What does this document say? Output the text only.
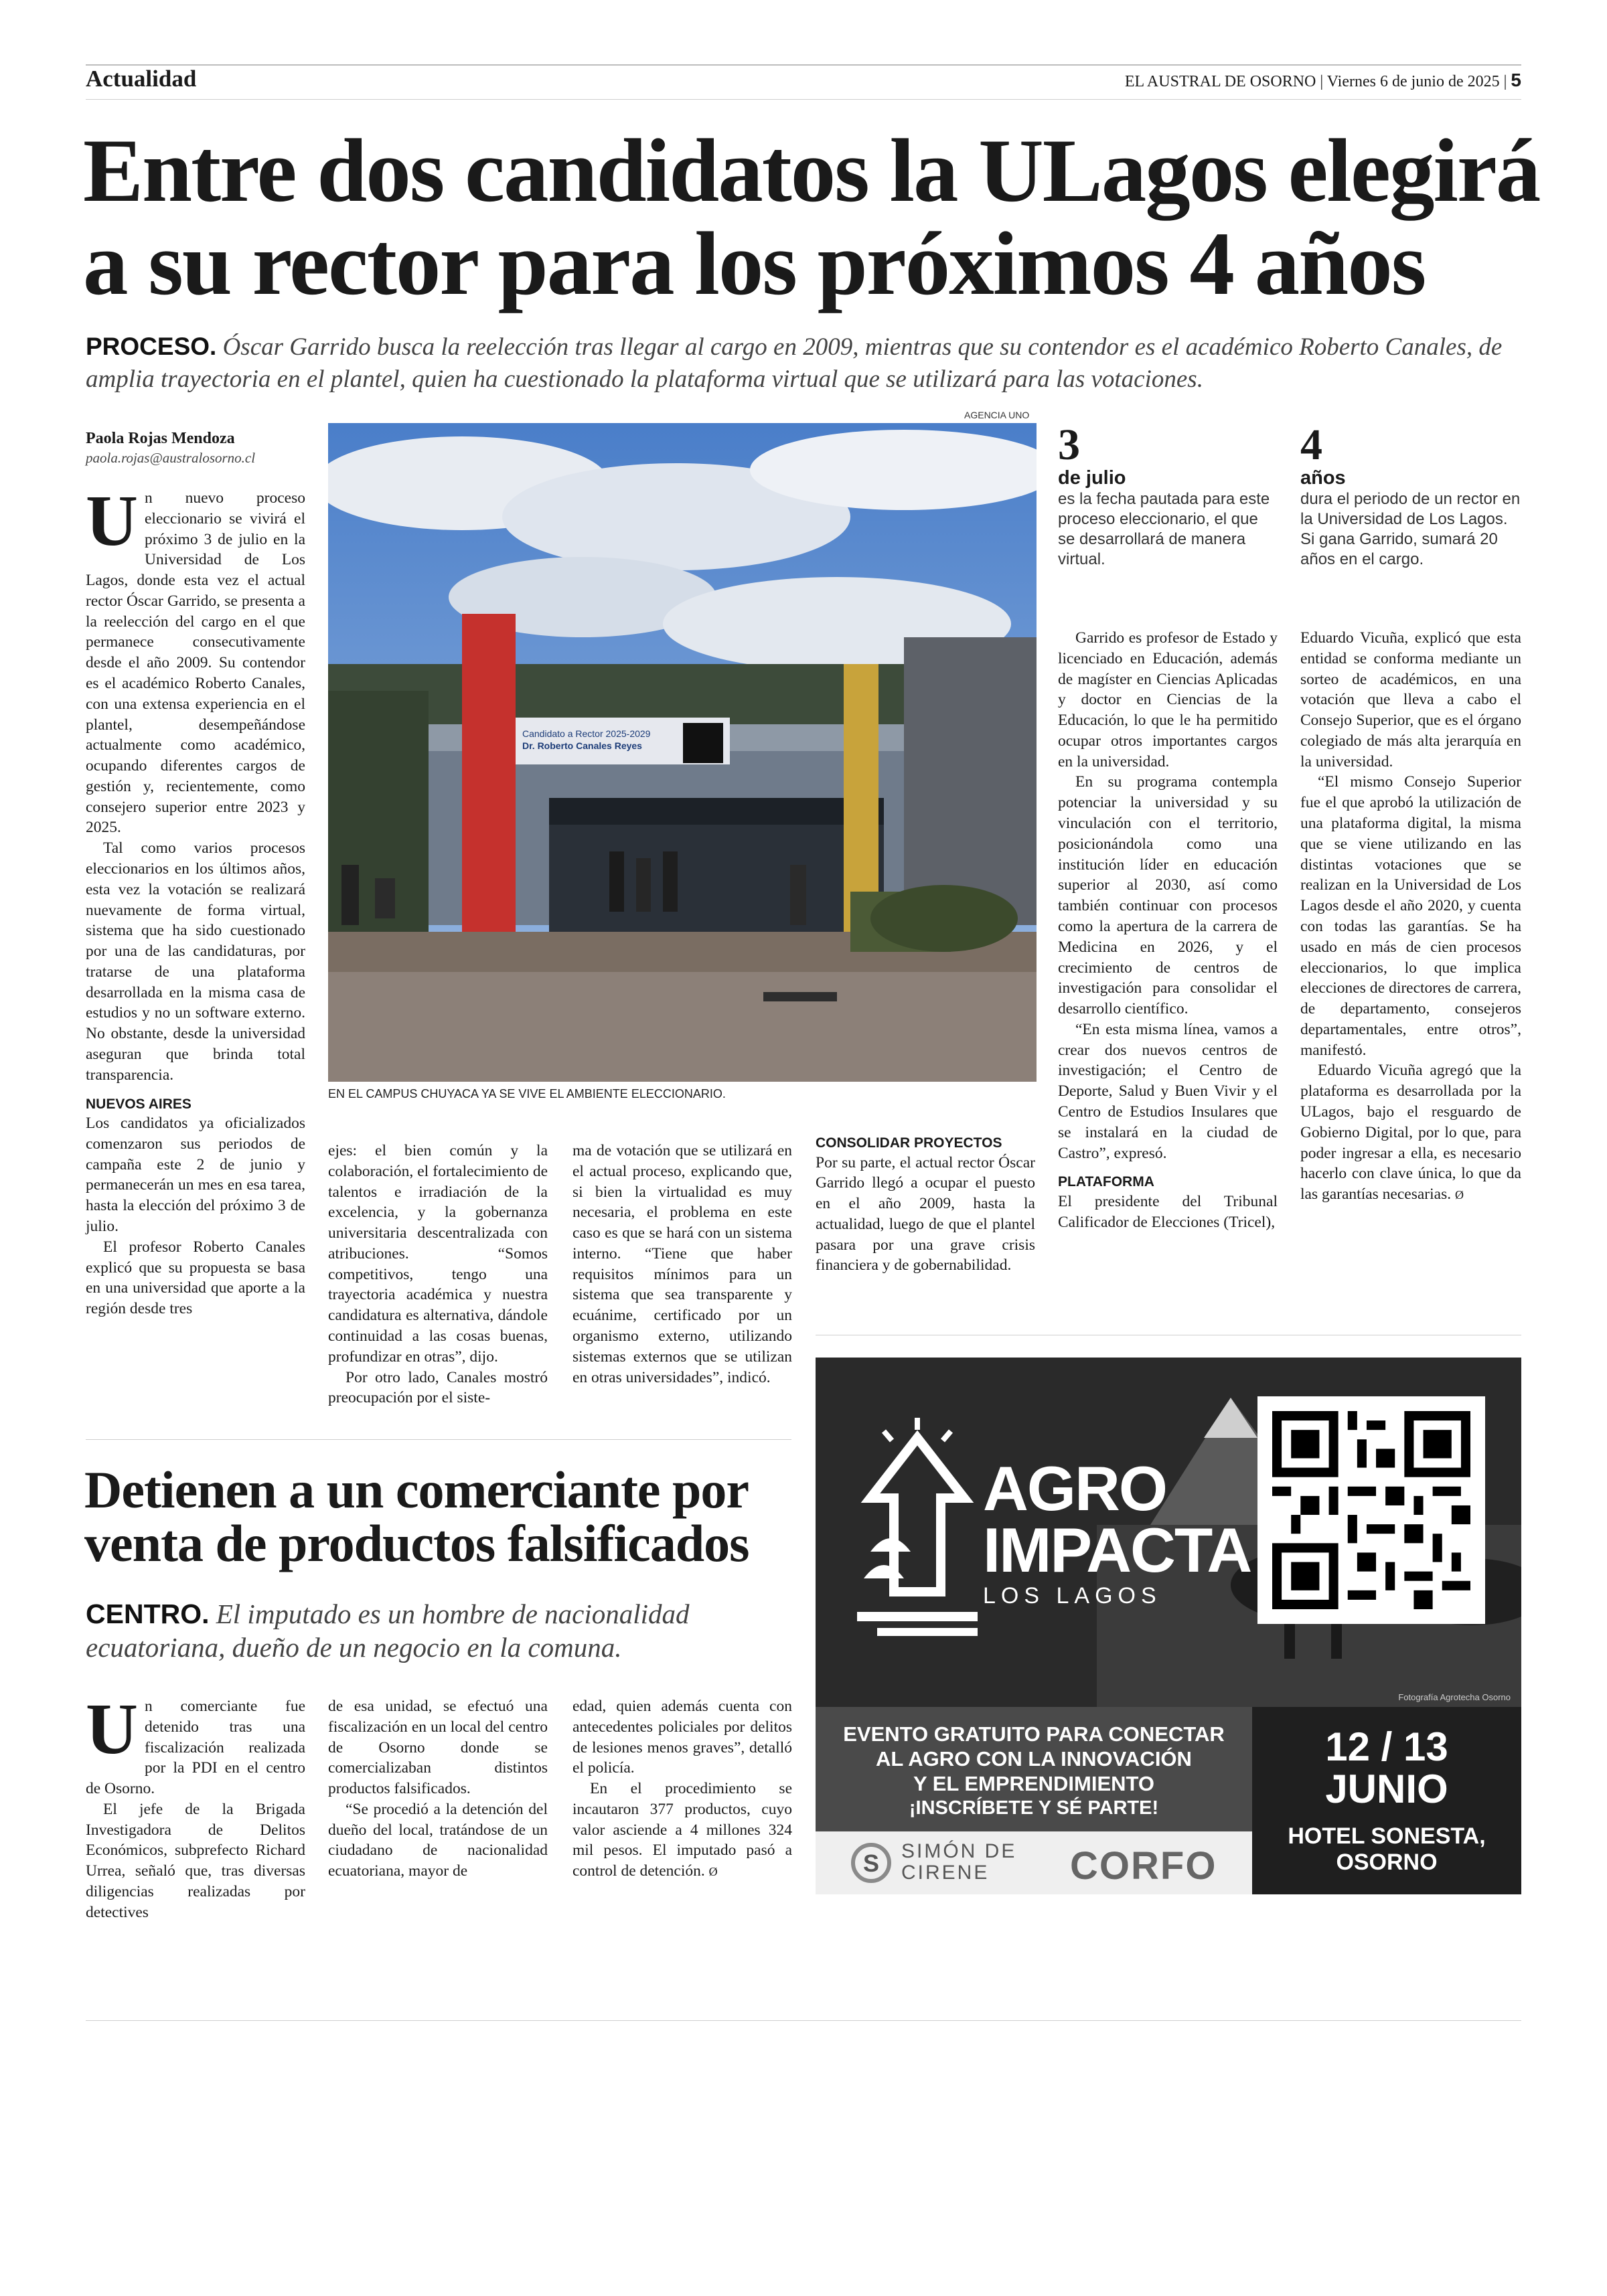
Actualidad	EL AUSTRAL DE OSORNO | Viernes 6 de junio de 2025 | 5
Entre dos candidatos la ULagos elegirá
a su rector para los próximos 4 años
PROCESO. Óscar Garrido busca la reelección tras llegar al cargo en 2009, mientras que su contendor es el académico Roberto Canales, de amplia trayectoria en el plantel, quien ha cuestionado la plataforma virtual que se utilizará para las votaciones.
Paola Rojas Mendoza
paola.rojas@australosorno.cl

Un nuevo proceso eleccionario se vivirá el próximo 3 de julio en la Universidad de Los Lagos, donde esta vez el actual rector Óscar Garrido, se presenta a la reelección del cargo en el que permanece consecutivamente desde el año 2009. Su contendor es el académico Roberto Canales, con una extensa experiencia en el plantel, desempeñándose actualmente como académico, ocupando diferentes cargos de gestión y, recientemente, como consejero superior entre 2023 y 2025.

Tal como varios procesos eleccionarios en los últimos años, esta vez la votación se realizará nuevamente de forma virtual, sistema que ha sido cuestionado por una de las candidaturas, por tratarse de una plataforma desarrollada en la misma casa de estudios y no un software externo. No obstante, desde la universidad aseguran que brinda total transparencia.

NUEVOS AIRES

Los candidatos ya oficializados comenzaron sus periodos de campaña este 2 de junio y permanecerán un mes en esa tarea, hasta la elección del próximo 3 de julio.

El profesor Roberto Canales explicó que su propuesta se basa en una universidad que aporte a la región desde tres

AGENCIA UNO
Candidato a Rector 2025-2029
Dr. Roberto Canales Reyes
EN EL CAMPUS CHUYACA YA SE VIVE EL AMBIENTE ELECCIONARIO.
3
de julio
es la fecha pautada para este proceso eleccionario, el que se desarrollará de manera virtual.
4
años
dura el periodo de un rector en la Universidad de Los Lagos. Si gana Garrido, sumará 20 años en el cargo.

ejes: el bien común y la colaboración, el fortalecimiento de talentos e irradiación de la excelencia, y la gobernanza universitaria descentralizada con atribuciones. “Somos competitivos, tengo una trayectoria académica y nuestra candidatura es alternativa, dándole continuidad a las cosas buenas, profundizar en otras”, dijo.

Por otro lado, Canales mostró preocupación por el siste-

ma de votación que se utilizará en el actual proceso, explicando que, si bien la virtualidad es muy necesaria, el problema en este caso es que se hará con un sistema interno. “Tiene que haber requisitos mínimos para un sistema que sea transparente y ecuánime, certificado por un organismo externo, utilizando sistemas externos que se utilizan en otras universidades”, indicó.

CONSOLIDAR PROYECTOS

Por su parte, el actual rector Óscar Garrido llegó a ocupar el puesto en el año 2009, hasta la actualidad, luego de que el plantel pasara por una grave crisis financiera y de gobernabilidad.

Garrido es profesor de Estado y licenciado en Educación, además de magíster en Ciencias Aplicadas y doctor en Ciencias de la Educación, lo que le ha permitido ocupar otros importantes cargos en la universidad.

En su programa contempla potenciar la universidad y su vinculación con el territorio, posicionándola como una institución líder en educación superior al 2030, así como también continuar con procesos como la apertura de la carrera de Medicina en 2026, y el crecimiento de centros de investigación para consolidar el desarrollo científico.

“En esta misma línea, vamos a crear dos nuevos centros de investigación; el Centro de Deporte, Salud y Buen Vivir y el Centro de Estudios Insulares que se instalará en la ciudad de Castro”, expresó.

PLATAFORMA

El presidente del Tribunal Calificador de Elecciones (Tricel),

Eduardo Vicuña, explicó que esta entidad se conforma mediante un sorteo de académicos, en una votación que lleva a cabo el Consejo Superior, que es el órgano colegiado de más alta jerarquía en la universidad.

“El mismo Consejo Superior fue el que aprobó la utilización de una plataforma digital, la misma que se viene utilizando en las distintas votaciones que se realizan en la Universidad de Los Lagos desde el año 2020, y cuenta con todas las garantías. Se ha usado en más de cien procesos eleccionarios, lo que implica elecciones de directores de carrera, de departamento, consejeros departamentales, entre otros”, manifestó.

Eduardo Vicuña agregó que la plataforma es desarrollada por la ULagos, bajo el resguardo de Gobierno Digital, por lo que, para poder ingresar a ella, es necesario hacerlo con clave única, lo que da las garantías necesarias. Ø

Detienen a un comerciante por
venta de productos falsificados
CENTRO. El imputado es un hombre de nacionalidad
ecuatoriana, dueño de un negocio en la comuna.

Un comerciante fue detenido tras una fiscalización realizada por la PDI en el centro de Osorno.

El jefe de la Brigada Investigadora de Delitos Económicos, subprefecto Richard Urrea, señaló que, tras diversas diligencias realizadas por detectives

de esa unidad, se efectuó una fiscalización en un local del centro de Osorno donde se comercializaban distintos productos falsificados.

“Se procedió a la detención del dueño del local, tratándose de un ciudadano de nacionalidad ecuatoriana, mayor de

edad, quien además cuenta con antecedentes policiales por delitos de lesiones menos graves”, detalló el policía.

En el procedimiento se incautaron 377 productos, cuyo valor asciende a 4 millones 324 mil pesos. El imputado pasó a control de detención. Ø

AGRO
IMPACTA
LOS LAGOS
Fotografía Agrotecha Osorno
EVENTO GRATUITO PARA CONECTAR
AL AGRO CON LA INNOVACIÓN
Y EL EMPRENDIMIENTO
¡INSCRÍBETE Y SÉ PARTE!
S SIMÓN DE
CIRENE	CORFO
12 / 13
JUNIO
HOTEL SONESTA,
OSORNO
